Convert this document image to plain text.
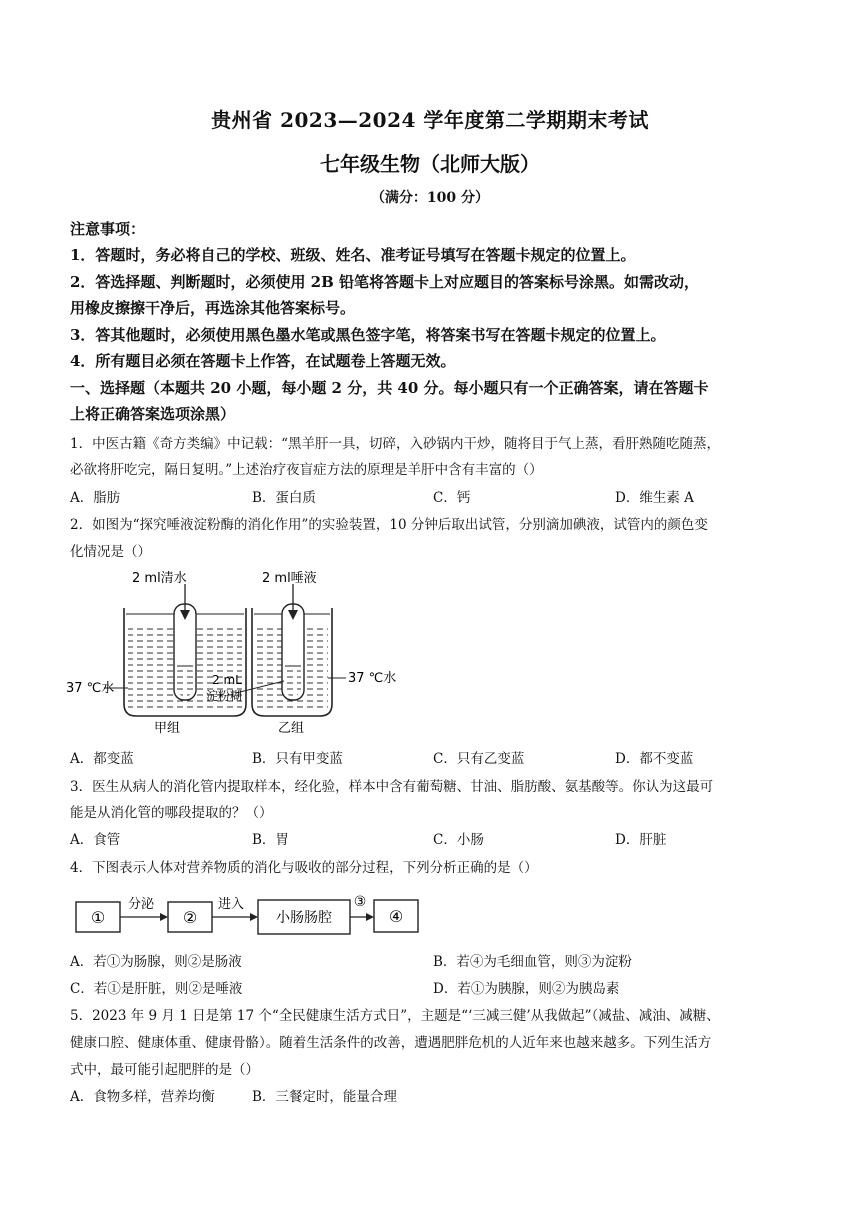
贵州省 2023—2024 学年度第二学期期末考试
七年级生物（北师大版）
（满分：100 分）
注意事项：
1．答题时，务必将自己的学校、班级、姓名、准考证号填写在答题卡规定的位置上。
2．答选择题、判断题时，必须使用 2B 铅笔将答题卡上对应题目的答案标号涂黑。如需改动，
用橡皮擦擦干净后，再选涂其他答案标号。
3．答其他题时，必须使用黑色墨水笔或黑色签字笔，将答案书写在答题卡规定的位置上。
4．所有题目必须在答题卡上作答，在试题卷上答题无效。
一、选择题（本题共 20 小题，每小题 2 分，共 40 分。每小题只有一个正确答案，请在答题卡
上将正确答案选项涂黑）
1．中医古籍《奇方类编》中记载：“黑羊肝一具，切碎，入砂锅内干炒，随将目于气上蒸，看肝熟随吃随蒸，
必欲将肝吃完，隔日复明。”上述治疗夜盲症方法的原理是羊肝中含有丰富的（）
A．脂肪	B．蛋白质	C．钙	D．维生素 A
2．如图为“探究唾液淀粉酶的消化作用”的实验装置，10 分钟后取出试管，分别滴加碘液，试管内的颜色变
化情况是（）
2 ml清水	2 ml唾液
37 ℃水
37 ℃水
2 mL
淀粉糊
甲组	乙组
A．都变蓝	B．只有甲变蓝	C．只有乙变蓝	D．都不变蓝
3．医生从病人的消化管内提取样本，经化验，样本中含有葡萄糖、甘油、脂肪酸、氨基酸等。你认为这最可
能是从消化管的哪段提取的？（）
A．食管	B．胃	C．小肠	D．肝脏
4．下图表示人体对营养物质的消化与吸收的部分过程，下列分析正确的是（）
①
分泌
②
进入
小肠肠腔
③
④
A．若①为肠腺，则②是肠液	B．若④为毛细血管，则③为淀粉
C．若①是肝脏，则②是唾液	D．若①为胰腺，则②为胰岛素
5．2023 年 9 月 1 日是第 17 个“全民健康生活方式日”，主题是“‘三减三健’从我做起”（减盐、减油、减糖、
健康口腔、健康体重、健康骨骼）。随着生活条件的改善，遭遇肥胖危机的人近年来也越来越多。下列生活方
式中，最可能引起肥胖的是（）
A．食物多样，营养均衡	B．三餐定时，能量合理
